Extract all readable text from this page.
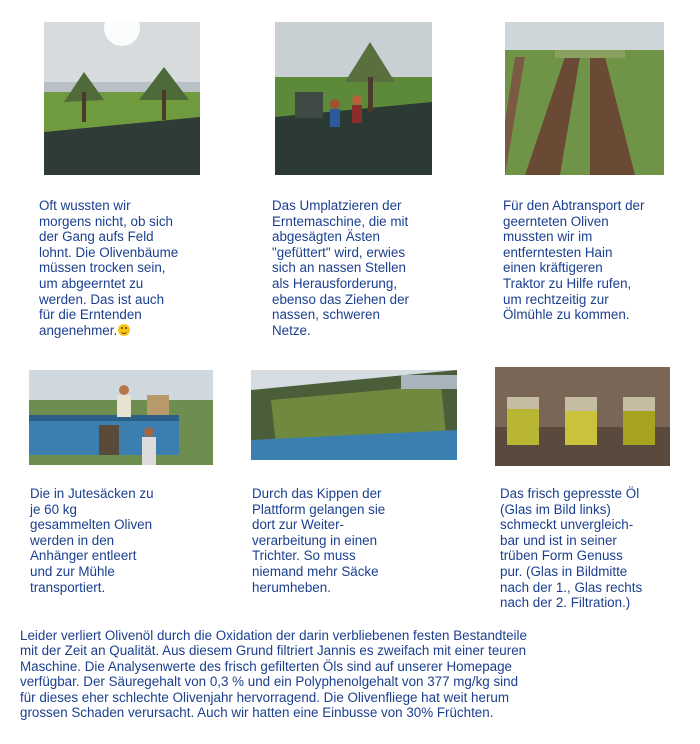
Oft wussten wir
morgens nicht, ob sich
der Gang aufs Feld
lohnt. Die Olivenbäume
müssen trocken sein,
um abgeerntet zu
werden. Das ist auch
für die Erntenden
angenehmer.
Das Umplatzieren der
Erntemaschine, die mit
abgesägten Ästen
"gefüttert" wird, erwies
sich an nassen Stellen
als Herausforderung,
ebenso das Ziehen der
nassen, schweren
Netze.
Für den Abtransport der
geernteten Oliven
mussten wir im
entferntesten Hain
einen kräftigeren
Traktor zu Hilfe rufen,
um rechtzeitig zur
Ölmühle zu kommen.
Die in Jutesäcken zu
je 60 kg
gesammelten Oliven
werden in den
Anhänger entleert
und zur Mühle
transportiert.
Durch das Kippen der
Plattform gelangen sie
dort zur Weiter-
verarbeitung in einen
Trichter. So muss
niemand mehr Säcke
herumheben.
Das frisch gepresste Öl
(Glas im Bild links)
schmeckt unvergleich-
bar und ist in seiner
trüben Form Genuss
pur. (Glas in Bildmitte
nach der 1., Glas rechts
nach der 2. Filtration.)
Leider verliert Olivenöl durch die Oxidation der darin verbliebenen festen Bestandteile
mit der Zeit an Qualität. Aus diesem Grund filtriert Jannis es zweifach mit einer teuren
Maschine. Die Analysenwerte des frisch gefilterten Öls sind auf unserer Homepage
verfügbar. Der Säuregehalt von 0,3 % und ein Polyphenolgehalt von 377 mg/kg sind
für dieses eher schlechte Olivenjahr hervorragend. Die Olivenfliege hat weit herum
grossen Schaden verursacht. Auch wir hatten eine Einbusse von 30% Früchten.
